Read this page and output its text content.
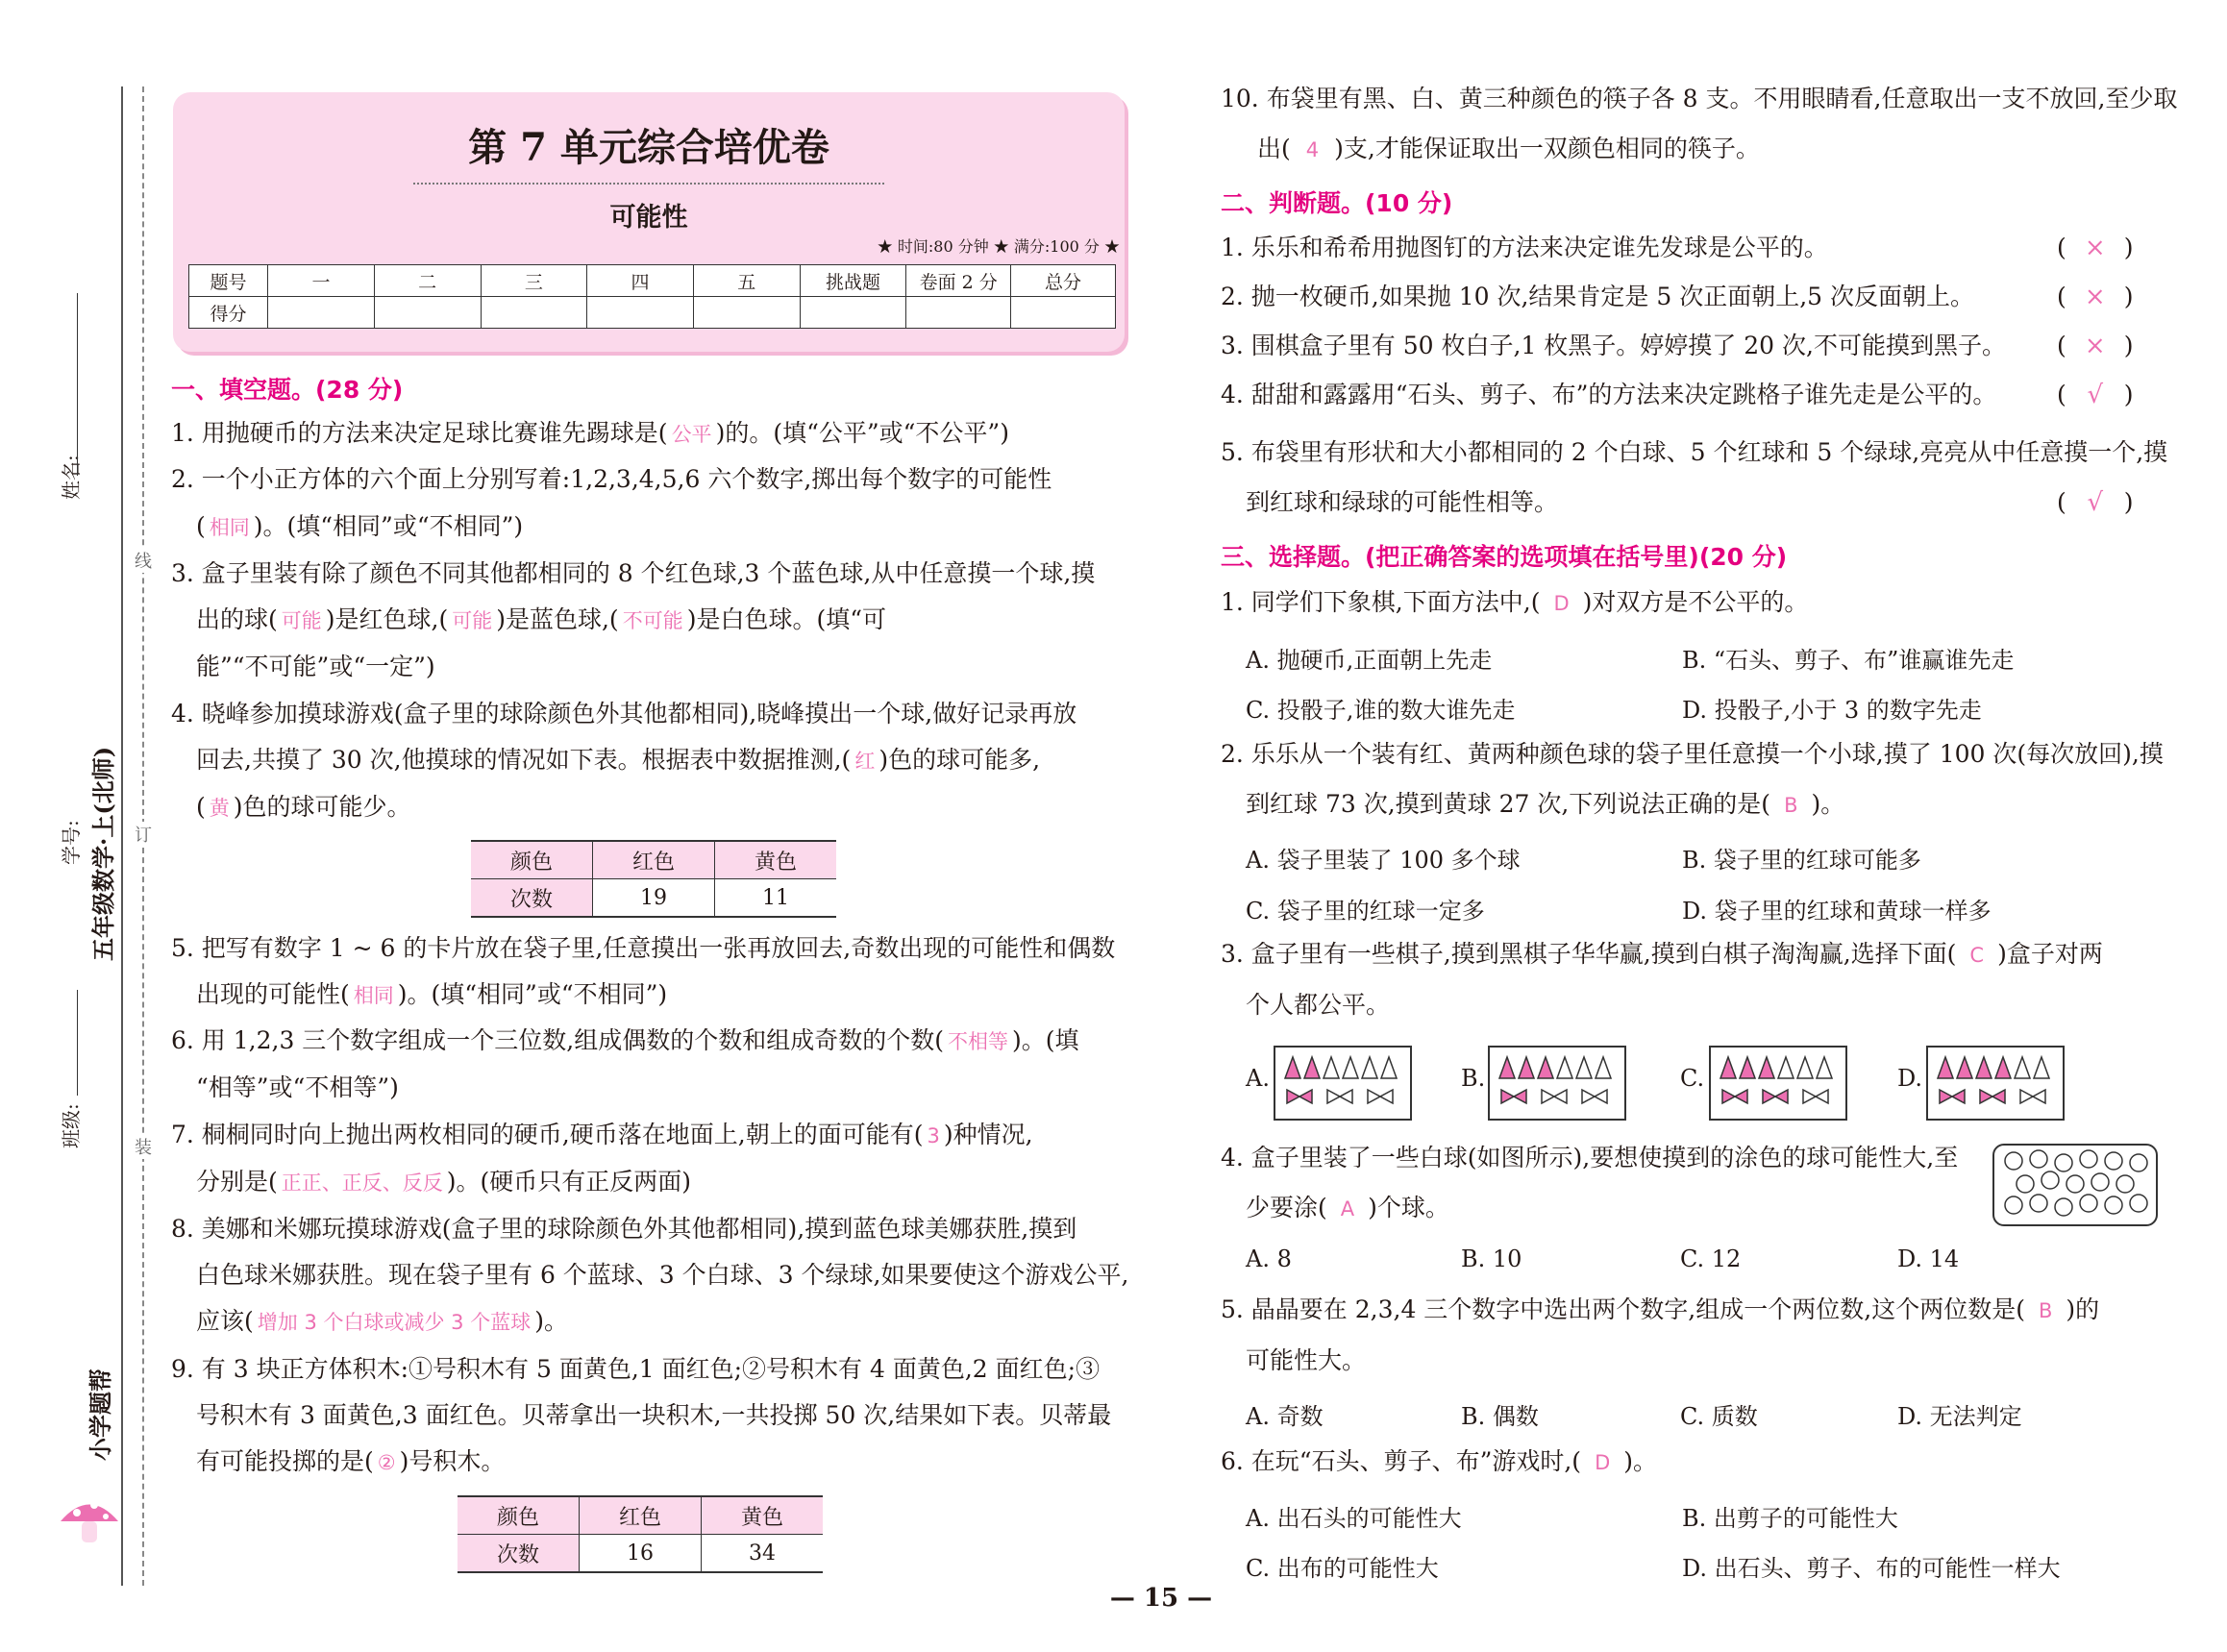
线
订
装
姓名:
学号: 五年级数学·上(北师)
班级:
小学题帮
第 7 单元综合培优卷
可能性
★ 时间:80 分钟 ★ 满分:100 分 ★
题号	一	二	三	四	五	挑战题	卷面 2 分	总分
得分								
一、填空题。(28 分)
1. 用抛硬币的方法来决定足球比赛谁先踢球是( 公平 )的。(填“公平”或“不公平”)
2. 一个小正方体的六个面上分别写着:1,2,3,4,5,6 六个数字,掷出每个数字的可能性
( 相同 )。(填“相同”或“不相同”)
3. 盒子里装有除了颜色不同其他都相同的 8 个红色球,3 个蓝色球,从中任意摸一个球,摸
出的球( 可能 )是红色球,( 可能 )是蓝色球,( 不可能 )是白色球。(填“可
能”“不可能”或“一定”)
4. 晓峰参加摸球游戏(盒子里的球除颜色外其他都相同),晓峰摸出一个球,做好记录再放
回去,共摸了 30 次,他摸球的情况如下表。根据表中数据推测,( 红 )色的球可能多,
( 黄 )色的球可能少。
颜色	红色	黄色
次数	19	11
5. 把写有数字 1 ~ 6 的卡片放在袋子里,任意摸出一张再放回去,奇数出现的可能性和偶数
出现的可能性( 相同 )。(填“相同”或“不相同”)
6. 用 1,2,3 三个数字组成一个三位数,组成偶数的个数和组成奇数的个数( 不相等 )。(填
“相等”或“不相等”)
7. 桐桐同时向上抛出两枚相同的硬币,硬币落在地面上,朝上的面可能有( 3 )种情况,
分别是( 正正、正反、反反 )。(硬币只有正反两面)
8. 美娜和米娜玩摸球游戏(盒子里的球除颜色外其他都相同),摸到蓝色球美娜获胜,摸到
白色球米娜获胜。现在袋子里有 6 个蓝球、3 个白球、3 个绿球,如果要使这个游戏公平,
应该( 增加 3 个白球或减少 3 个蓝球 )。
9. 有 3 块正方体积木:①号积木有 5 面黄色,1 面红色;②号积木有 4 面黄色,2 面红色;③
号积木有 3 面黄色,3 面红色。贝蒂拿出一块积木,一共投掷 50 次,结果如下表。贝蒂最
有可能投掷的是( ② )号积木。
颜色	红色	黄色
次数	16	34
10. 布袋里有黑、白、黄三种颜色的筷子各 8 支。不用眼睛看,任意取出一支不放回,至少取
出( 4 )支,才能保证取出一双颜色相同的筷子。
二、判断题。(10 分)
1. 乐乐和希希用抛图钉的方法来决定谁先发球是公平的。	( × )
2. 抛一枚硬币,如果抛 10 次,结果肯定是 5 次正面朝上,5 次反面朝上。	( × )
3. 围棋盒子里有 50 枚白子,1 枚黑子。婷婷摸了 20 次,不可能摸到黑子。 ( × )
4. 甜甜和露露用“石头、剪子、布”的方法来决定跳格子谁先走是公平的。	( √ )
5. 布袋里有形状和大小都相同的 2 个白球、5 个红球和 5 个绿球,亮亮从中任意摸一个,摸
到红球和绿球的可能性相等。	( √ )
三、选择题。(把正确答案的选项填在括号里)(20 分)
1. 同学们下象棋,下面方法中,( D )对双方是不公平的。
A. 抛硬币,正面朝上先走	B. “石头、剪子、布”谁赢谁先走
C. 投骰子,谁的数大谁先走	D. 投骰子,小于 3 的数字先走
2. 乐乐从一个装有红、黄两种颜色球的袋子里任意摸一个小球,摸了 100 次(每次放回),摸
到红球 73 次,摸到黄球 27 次,下列说法正确的是( B )。
A. 袋子里装了 100 多个球	B. 袋子里的红球可能多
C. 袋子里的红球一定多	D. 袋子里的红球和黄球一样多
3. 盒子里有一些棋子,摸到黑棋子华华赢,摸到白棋子淘淘赢,选择下面( C )盒子对两
个人都公平。
A.	B.	C.	D.
4. 盒子里装了一些白球(如图所示),要想使摸到的涂色的球可能性大,至
少要涂( A )个球。
A. 8	B. 10	C. 12	D. 14
5. 晶晶要在 2,3,4 三个数字中选出两个数字,组成一个两位数,这个两位数是( B )的
可能性大。
A. 奇数	B. 偶数	C. 质数	D. 无法判定
6. 在玩“石头、剪子、布”游戏时,( D )。
A. 出石头的可能性大	B. 出剪子的可能性大
C. 出布的可能性大	D. 出石头、剪子、布的可能性一样大
— 15 —
